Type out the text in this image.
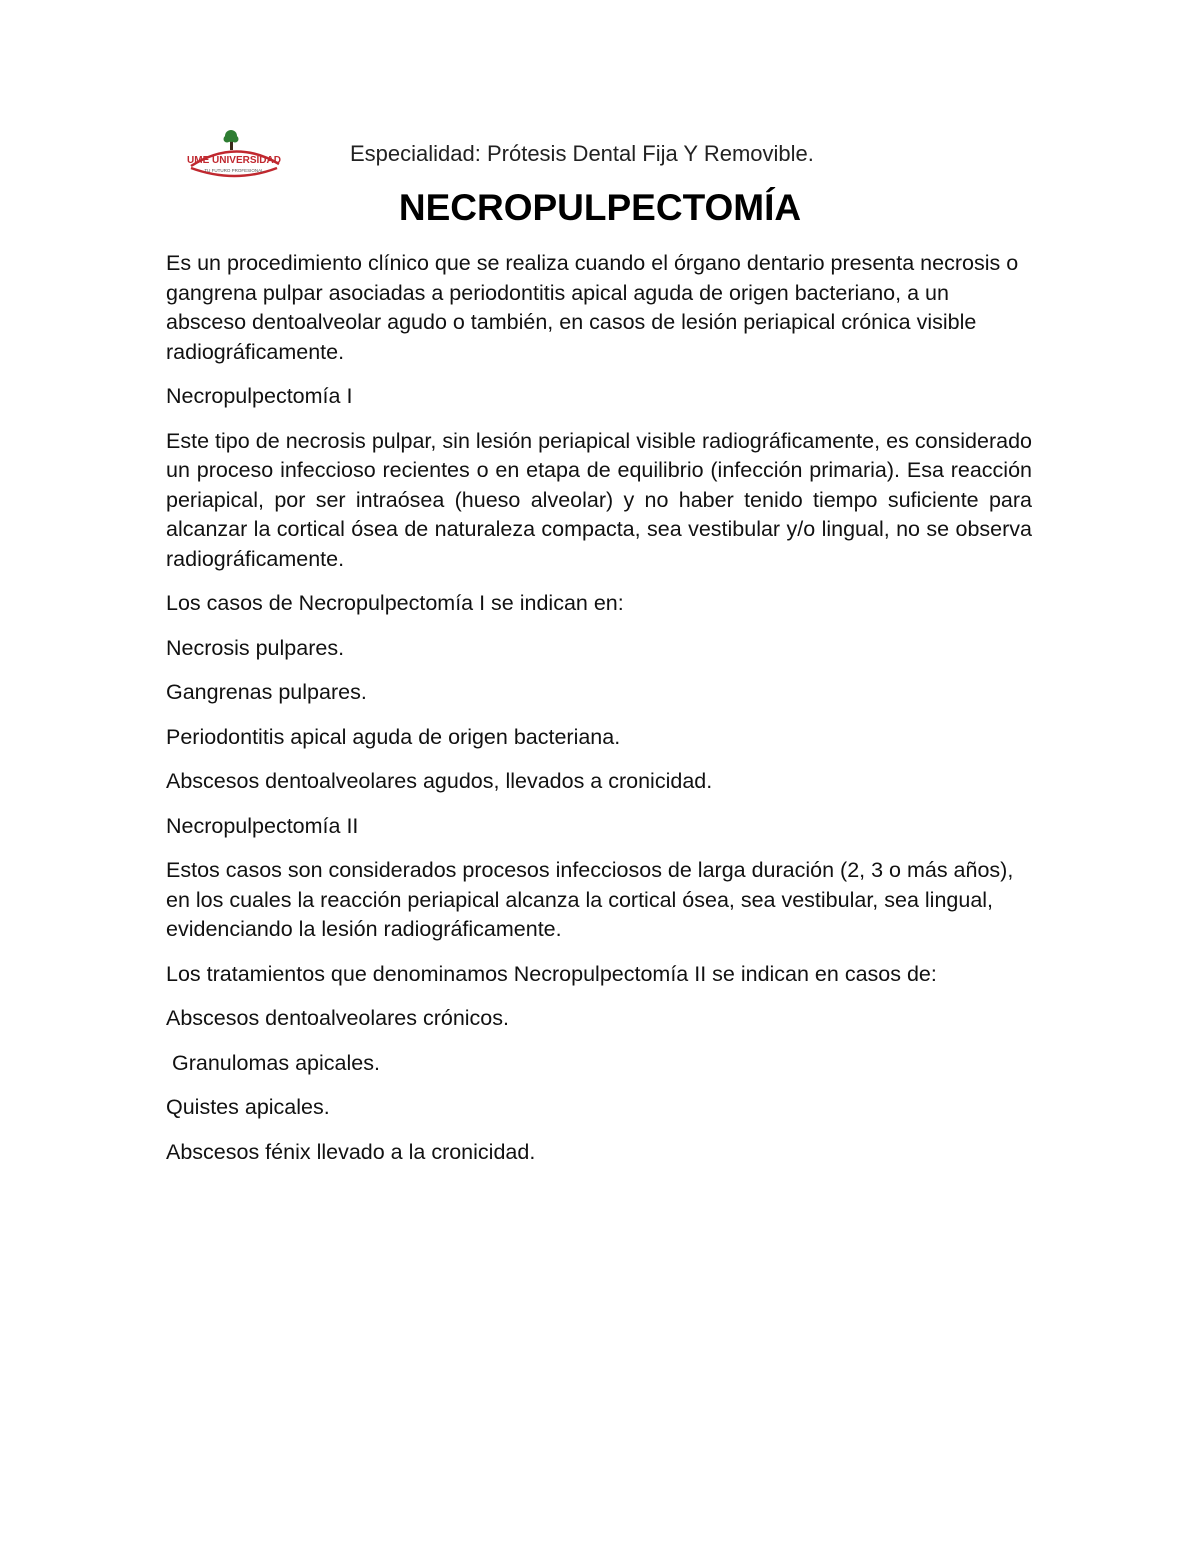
UME UNIVERSIDAD
TU FUTURO PROFESIONAL
Especialidad: Prótesis Dental Fija Y Removible.
NECROPULPECTOMÍA

Es un procedimiento clínico que se realiza cuando el órgano dentario presenta necrosis o gangrena pulpar asociadas a periodontitis apical aguda de origen bacteriano, a un absceso dentoalveolar agudo o también, en casos de lesión periapical crónica visible radiográficamente.

Necropulpectomía I

Este tipo de necrosis pulpar, sin lesión periapical visible radiográficamente, es considerado un proceso infeccioso recientes o en etapa de equilibrio (infección primaria). Esa reacción periapical, por ser intraósea (hueso alveolar) y no haber tenido tiempo suficiente para alcanzar la cortical ósea de naturaleza compacta, sea vestibular y/o lingual, no se observa radiográficamente.

Los casos de Necropulpectomía I se indican en:

Necrosis pulpares.

Gangrenas pulpares.

Periodontitis apical aguda de origen bacteriana.

Abscesos dentoalveolares agudos, llevados a cronicidad.

Necropulpectomía II

Estos casos son considerados procesos infecciosos de larga duración (2, 3 o más años), en los cuales la reacción periapical alcanza la cortical ósea, sea vestibular, sea lingual, evidenciando la lesión radiográficamente.

Los tratamientos que denominamos Necropulpectomía II se indican en casos de:

Abscesos dentoalveolares crónicos.

Granulomas apicales.

Quistes apicales.

Abscesos fénix llevado a la cronicidad.
